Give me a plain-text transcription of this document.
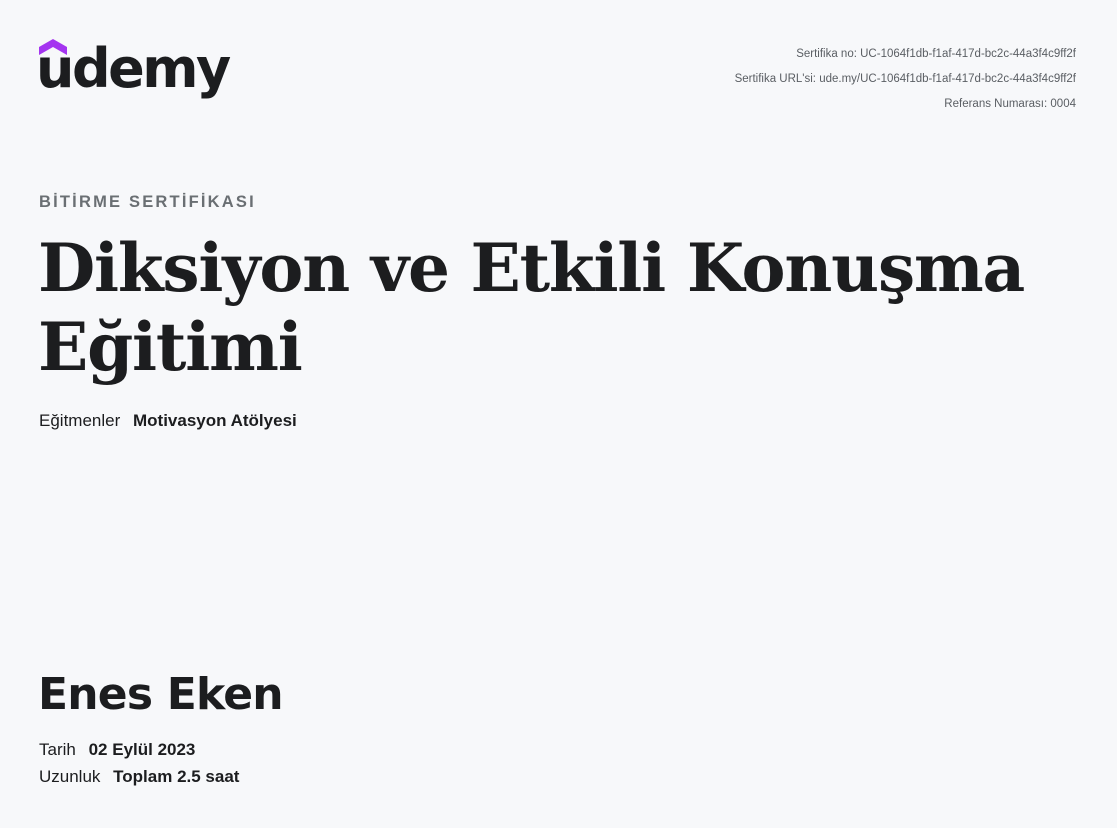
udemy	Sertifika no: UC-1064f1db-f1af-417d-bc2c-44a3f4c9ff2f
Sertifika URL'si: ude.my/UC-1064f1db-f1af-417d-bc2c-44a3f4c9ff2f
Referans Numarası: 0004
BİTİRME SERTİFİKASI
Diksiyon ve Etkili Konuşma Eğitimi
Eğitmenler Motivasyon Atölyesi
Enes Eken
Tarih 02 Eylül 2023
Uzunluk Toplam 2.5 saat
